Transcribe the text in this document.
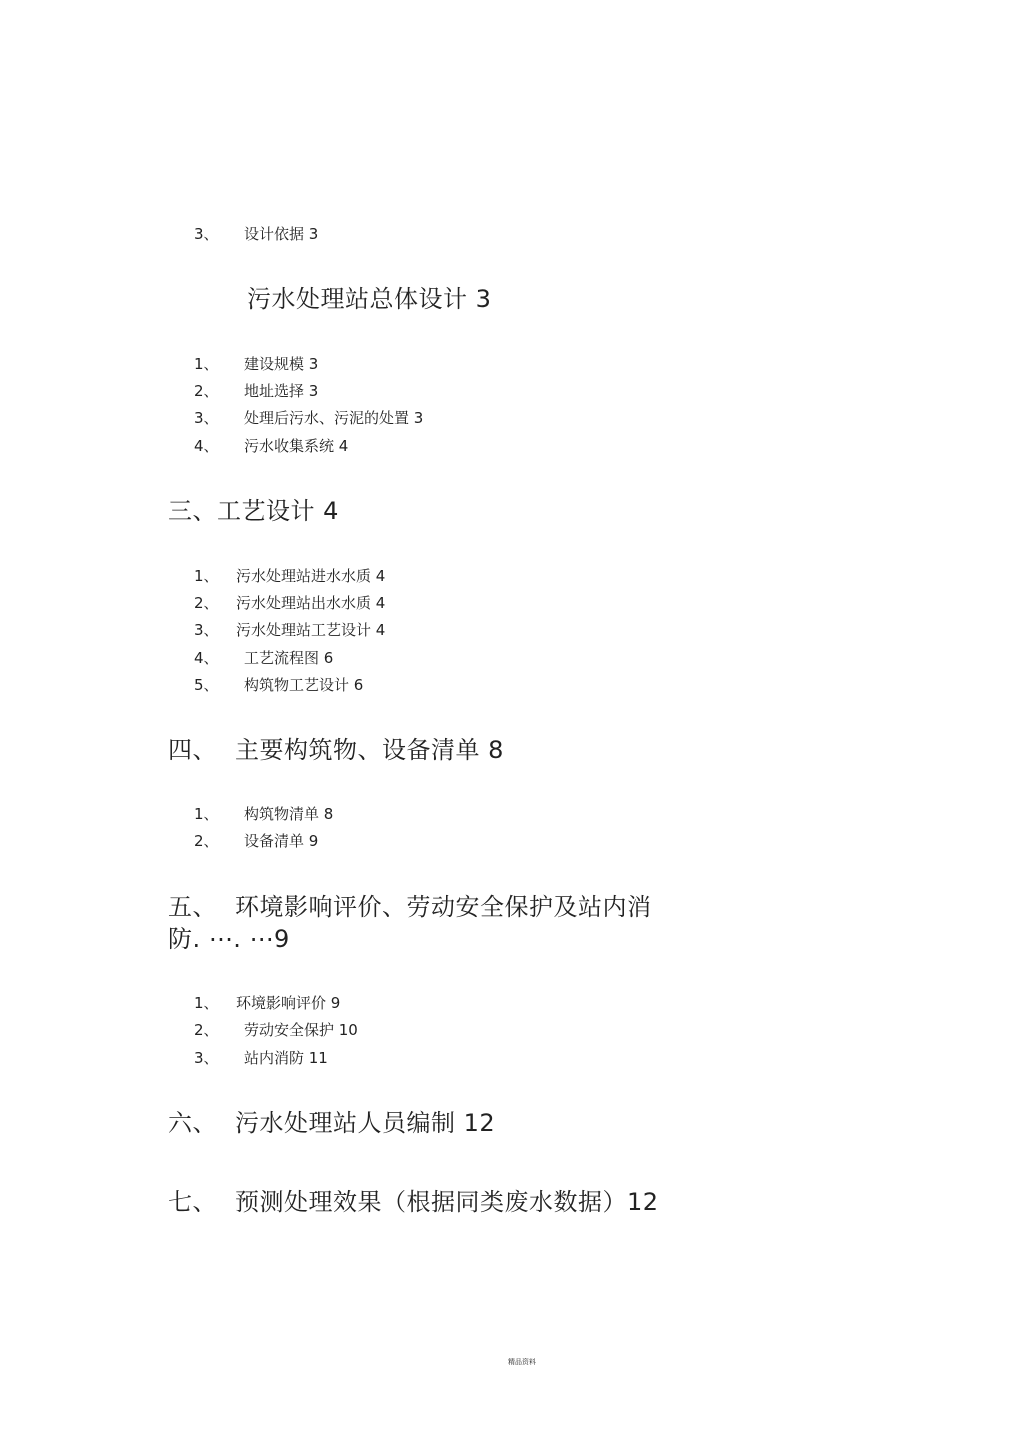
3、 设计依据 3
污水处理站总体设计 3
1、 建设规模 3
2、 地址选择 3
3、 处理后污水、污泥的处置 3
4、 污水收集系统 4
三、工艺设计 4
1、 污水处理站进水水质 4
2、 污水处理站出水水质 4
3、 污水处理站工艺设计 4
4、 工艺流程图 6
5、 构筑物工艺设计 6
四、 主要构筑物、设备清单 8
1、 构筑物清单 8
2、 设备清单 9
五、 环境影响评价、劳动安全保护及站内消
防. ⋯. ⋯9
1、 环境影响评价 9
2、 劳动安全保护 10
3、 站内消防 11
六、 污水处理站人员编制 12
七、 预测处理效果（根据同类废水数据）12
精品资料
